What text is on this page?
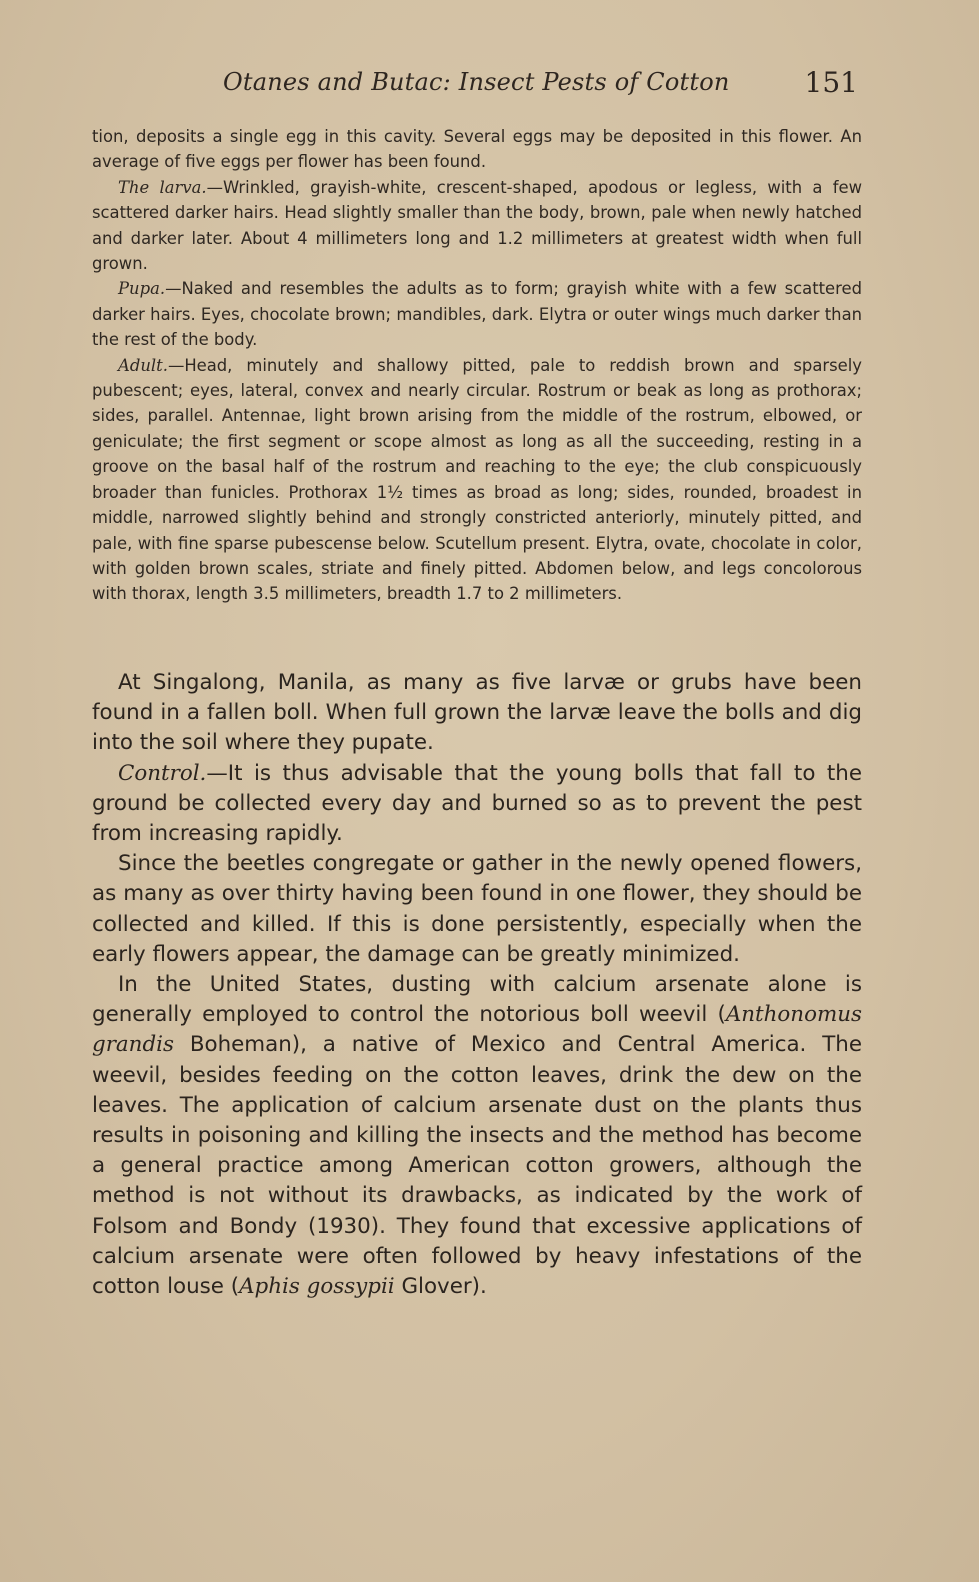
Otanes and Butac: Insect Pests of Cotton	151

tion, deposits a single egg in this cavity. Several eggs may be deposited in this flower. An average of five eggs per flower has been found.

The larva.—Wrinkled, grayish-white, crescent-shaped, apodous or legless, with a few scattered darker hairs. Head slightly smaller than the body, brown, pale when newly hatched and darker later. About 4 millimeters long and 1.2 millimeters at greatest width when full grown.

Pupa.—Naked and resembles the adults as to form; grayish white with a few scattered darker hairs. Eyes, chocolate brown; mandibles, dark. Elytra or outer wings much darker than the rest of the body.

Adult.—Head, minutely and shallowy pitted, pale to reddish brown and sparsely pubescent; eyes, lateral, convex and nearly circular. Rostrum or beak as long as prothorax; sides, parallel. Antennae, light brown arising from the middle of the rostrum, elbowed, or geniculate; the first segment or scope almost as long as all the succeeding, resting in a groove on the basal half of the rostrum and reaching to the eye; the club conspicuously broader than funicles. Prothorax 1½ times as broad as long; sides, rounded, broadest in middle, narrowed slightly behind and strongly constricted anteriorly, minutely pitted, and pale, with fine sparse pubescense below. Scutellum present. Elytra, ovate, chocolate in color, with golden brown scales, striate and finely pitted. Abdomen below, and legs concolorous with thorax, length 3.5 millimeters, breadth 1.7 to 2 millimeters.

At Singalong, Manila, as many as five larvæ or grubs have been found in a fallen boll. When full grown the larvæ leave the bolls and dig into the soil where they pupate.

Control.—It is thus advisable that the young bolls that fall to the ground be collected every day and burned so as to prevent the pest from increasing rapidly.

Since the beetles congregate or gather in the newly opened flowers, as many as over thirty having been found in one flower, they should be collected and killed. If this is done persistently, especially when the early flowers appear, the damage can be greatly minimized.

In the United States, dusting with calcium arsenate alone is generally employed to control the notorious boll weevil (Anthonomus grandis Boheman), a native of Mexico and Central America. The weevil, besides feeding on the cotton leaves, drink the dew on the leaves. The application of calcium arsenate dust on the plants thus results in poisoning and killing the insects and the method has become a general practice among American cotton growers, although the method is not without its drawbacks, as indicated by the work of Folsom and Bondy (1930). They found that excessive applications of calcium arsenate were often followed by heavy infestations of the cotton louse (Aphis gossypii Glover).
